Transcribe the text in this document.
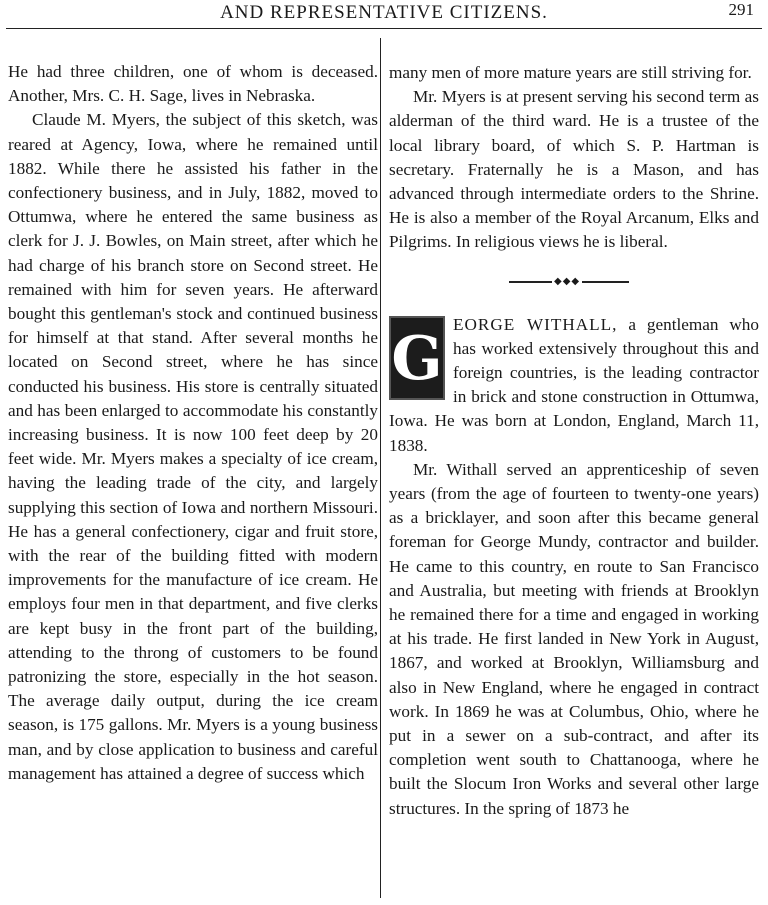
AND REPRESENTATIVE CITIZENS.	291

He had three children, one of whom is deceased. Another, Mrs. C. H. Sage, lives in Nebraska.

Claude M. Myers, the subject of this sketch, was reared at Agency, Iowa, where he remained until 1882. While there he assisted his father in the confectionery business, and in July, 1882, moved to Ottumwa, where he entered the same business as clerk for J. J. Bowles, on Main street, after which he had charge of his branch store on Second street. He remained with him for seven years. He afterward bought this gentleman's stock and continued business for himself at that stand. After several months he located on Second street, where he has since conducted his business. His store is centrally situated and has been enlarged to accommodate his constantly increasing business. It is now 100 feet deep by 20 feet wide. Mr. Myers makes a specialty of ice cream, having the leading trade of the city, and largely supplying this section of Iowa and northern Missouri. He has a general confectionery, cigar and fruit store, with the rear of the building fitted with modern improvements for the manufacture of ice cream. He employs four men in that department, and five clerks are kept busy in the front part of the building, attending to the throng of customers to be found patronizing the store, especially in the hot season. The average daily output, during the ice cream season, is 175 gallons. Mr. Myers is a young business man, and by close application to business and careful management has attained a degree of success which

many men of more mature years are still striving for.

Mr. Myers is at present serving his second term as alderman of the third ward. He is a trustee of the local library board, of which S. P. Hartman is secretary. Fraternally he is a Mason, and has advanced through intermediate orders to the Shrine. He is also a member of the Royal Arcanum, Elks and Pilgrims. In religious views he is liberal.

◆◆◆

G EORGE WITHALL, a gentleman who has worked extensively throughout this and foreign countries, is the leading contractor in brick and stone construction in Ottumwa, Iowa. He was born at London, England, March 11, 1838.

Mr. Withall served an apprenticeship of seven years (from the age of fourteen to twenty-one years) as a bricklayer, and soon after this became general foreman for George Mundy, contractor and builder. He came to this country, en route to San Francisco and Australia, but meeting with friends at Brooklyn he remained there for a time and engaged in working at his trade. He first landed in New York in August, 1867, and worked at Brooklyn, Williamsburg and also in New England, where he engaged in contract work. In 1869 he was at Columbus, Ohio, where he put in a sewer on a sub-contract, and after its completion went south to Chattanooga, where he built the Slocum Iron Works and several other large structures. In the spring of 1873 he
